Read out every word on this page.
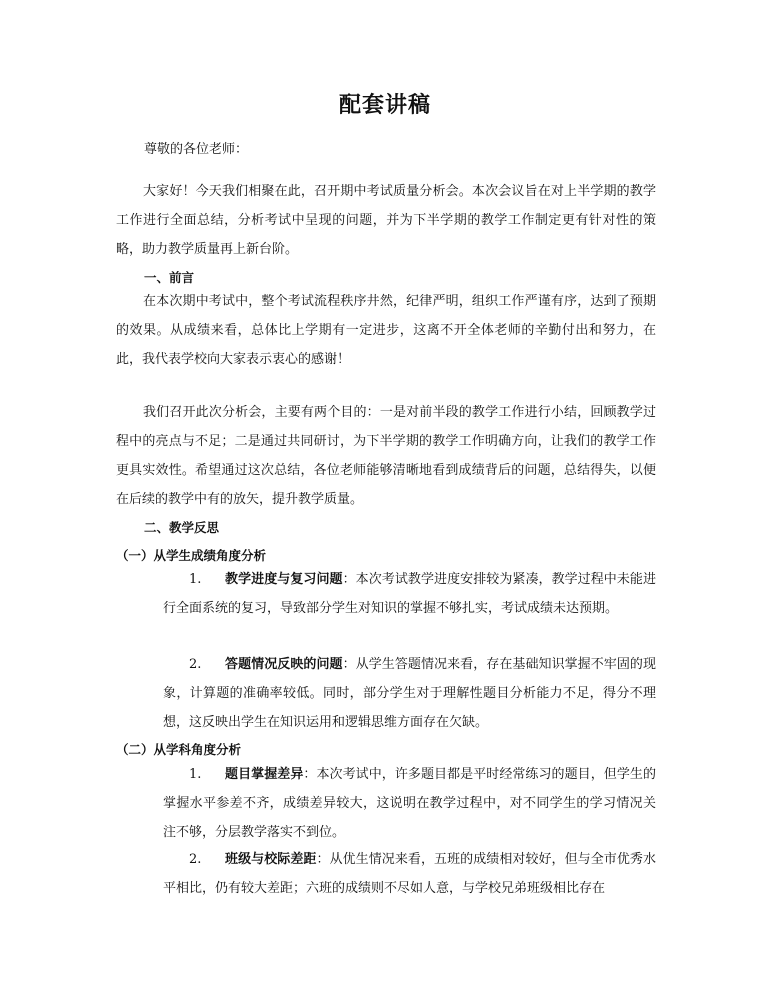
配套讲稿
尊敬的各位老师：
大家好！今天我们相聚在此，召开期中考试质量分析会。本次会议旨在对上半学期的教学工作进行全面总结，分析考试中呈现的问题，并为下半学期的教学工作制定更有针对性的策略，助力教学质量再上新台阶。
一、前言
在本次期中考试中，整个考试流程秩序井然，纪律严明，组织工作严谨有序，达到了预期的效果。从成绩来看，总体比上学期有一定进步，这离不开全体老师的辛勤付出和努力，在此，我代表学校向大家表示衷心的感谢！
我们召开此次分析会，主要有两个目的：一是对前半段的教学工作进行小结，回顾教学过程中的亮点与不足；二是通过共同研讨，为下半学期的教学工作明确方向，让我们的教学工作更具实效性。希望通过这次总结，各位老师能够清晰地看到成绩背后的问题，总结得失，以便在后续的教学中有的放矢，提升教学质量。
二、教学反思
（一）从学生成绩角度分析
1. 教学进度与复习问题：本次考试教学进度安排较为紧凑，教学过程中未能进行全面系统的复习，导致部分学生对知识的掌握不够扎实，考试成绩未达预期。
2. 答题情况反映的问题：从学生答题情况来看，存在基础知识掌握不牢固的现象，计算题的准确率较低。同时，部分学生对于理解性题目分析能力不足，得分不理想，这反映出学生在知识运用和逻辑思维方面存在欠缺。
（二）从学科角度分析
1. 题目掌握差异：本次考试中，许多题目都是平时经常练习的题目，但学生的掌握水平参差不齐，成绩差异较大，这说明在教学过程中，对不同学生的学习情况关注不够，分层教学落实不到位。
2. 班级与校际差距：从优生情况来看，五班的成绩相对较好，但与全市优秀水平相比，仍有较大差距；六班的成绩则不尽如人意，与学校兄弟班级相比存在
